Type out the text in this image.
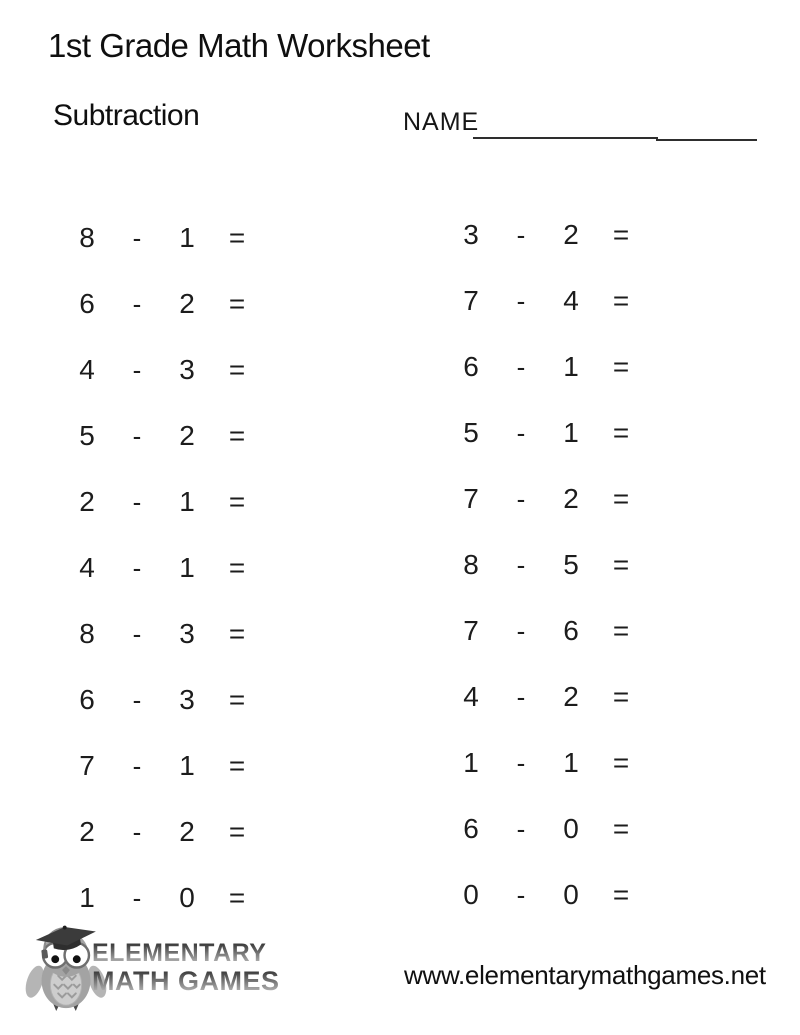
1st Grade Math Worksheet
Subtraction	NAME
8	-	1	=
6	-	2	=
4	-	3	=
5	-	2	=
2	-	1	=
4	-	1	=
8	-	3	=
6	-	3	=
7	-	1	=
2	-	2	=
1	-	0	=
3	-	2	=
7	-	4	=
6	-	1	=
5	-	1	=
7	-	2	=
8	-	5	=
7	-	6	=
4	-	2	=
1	-	1	=
6	-	0	=
0	-	0	=
ELEMENTARY
MATH GAMES	www.elementarymathgames.net
